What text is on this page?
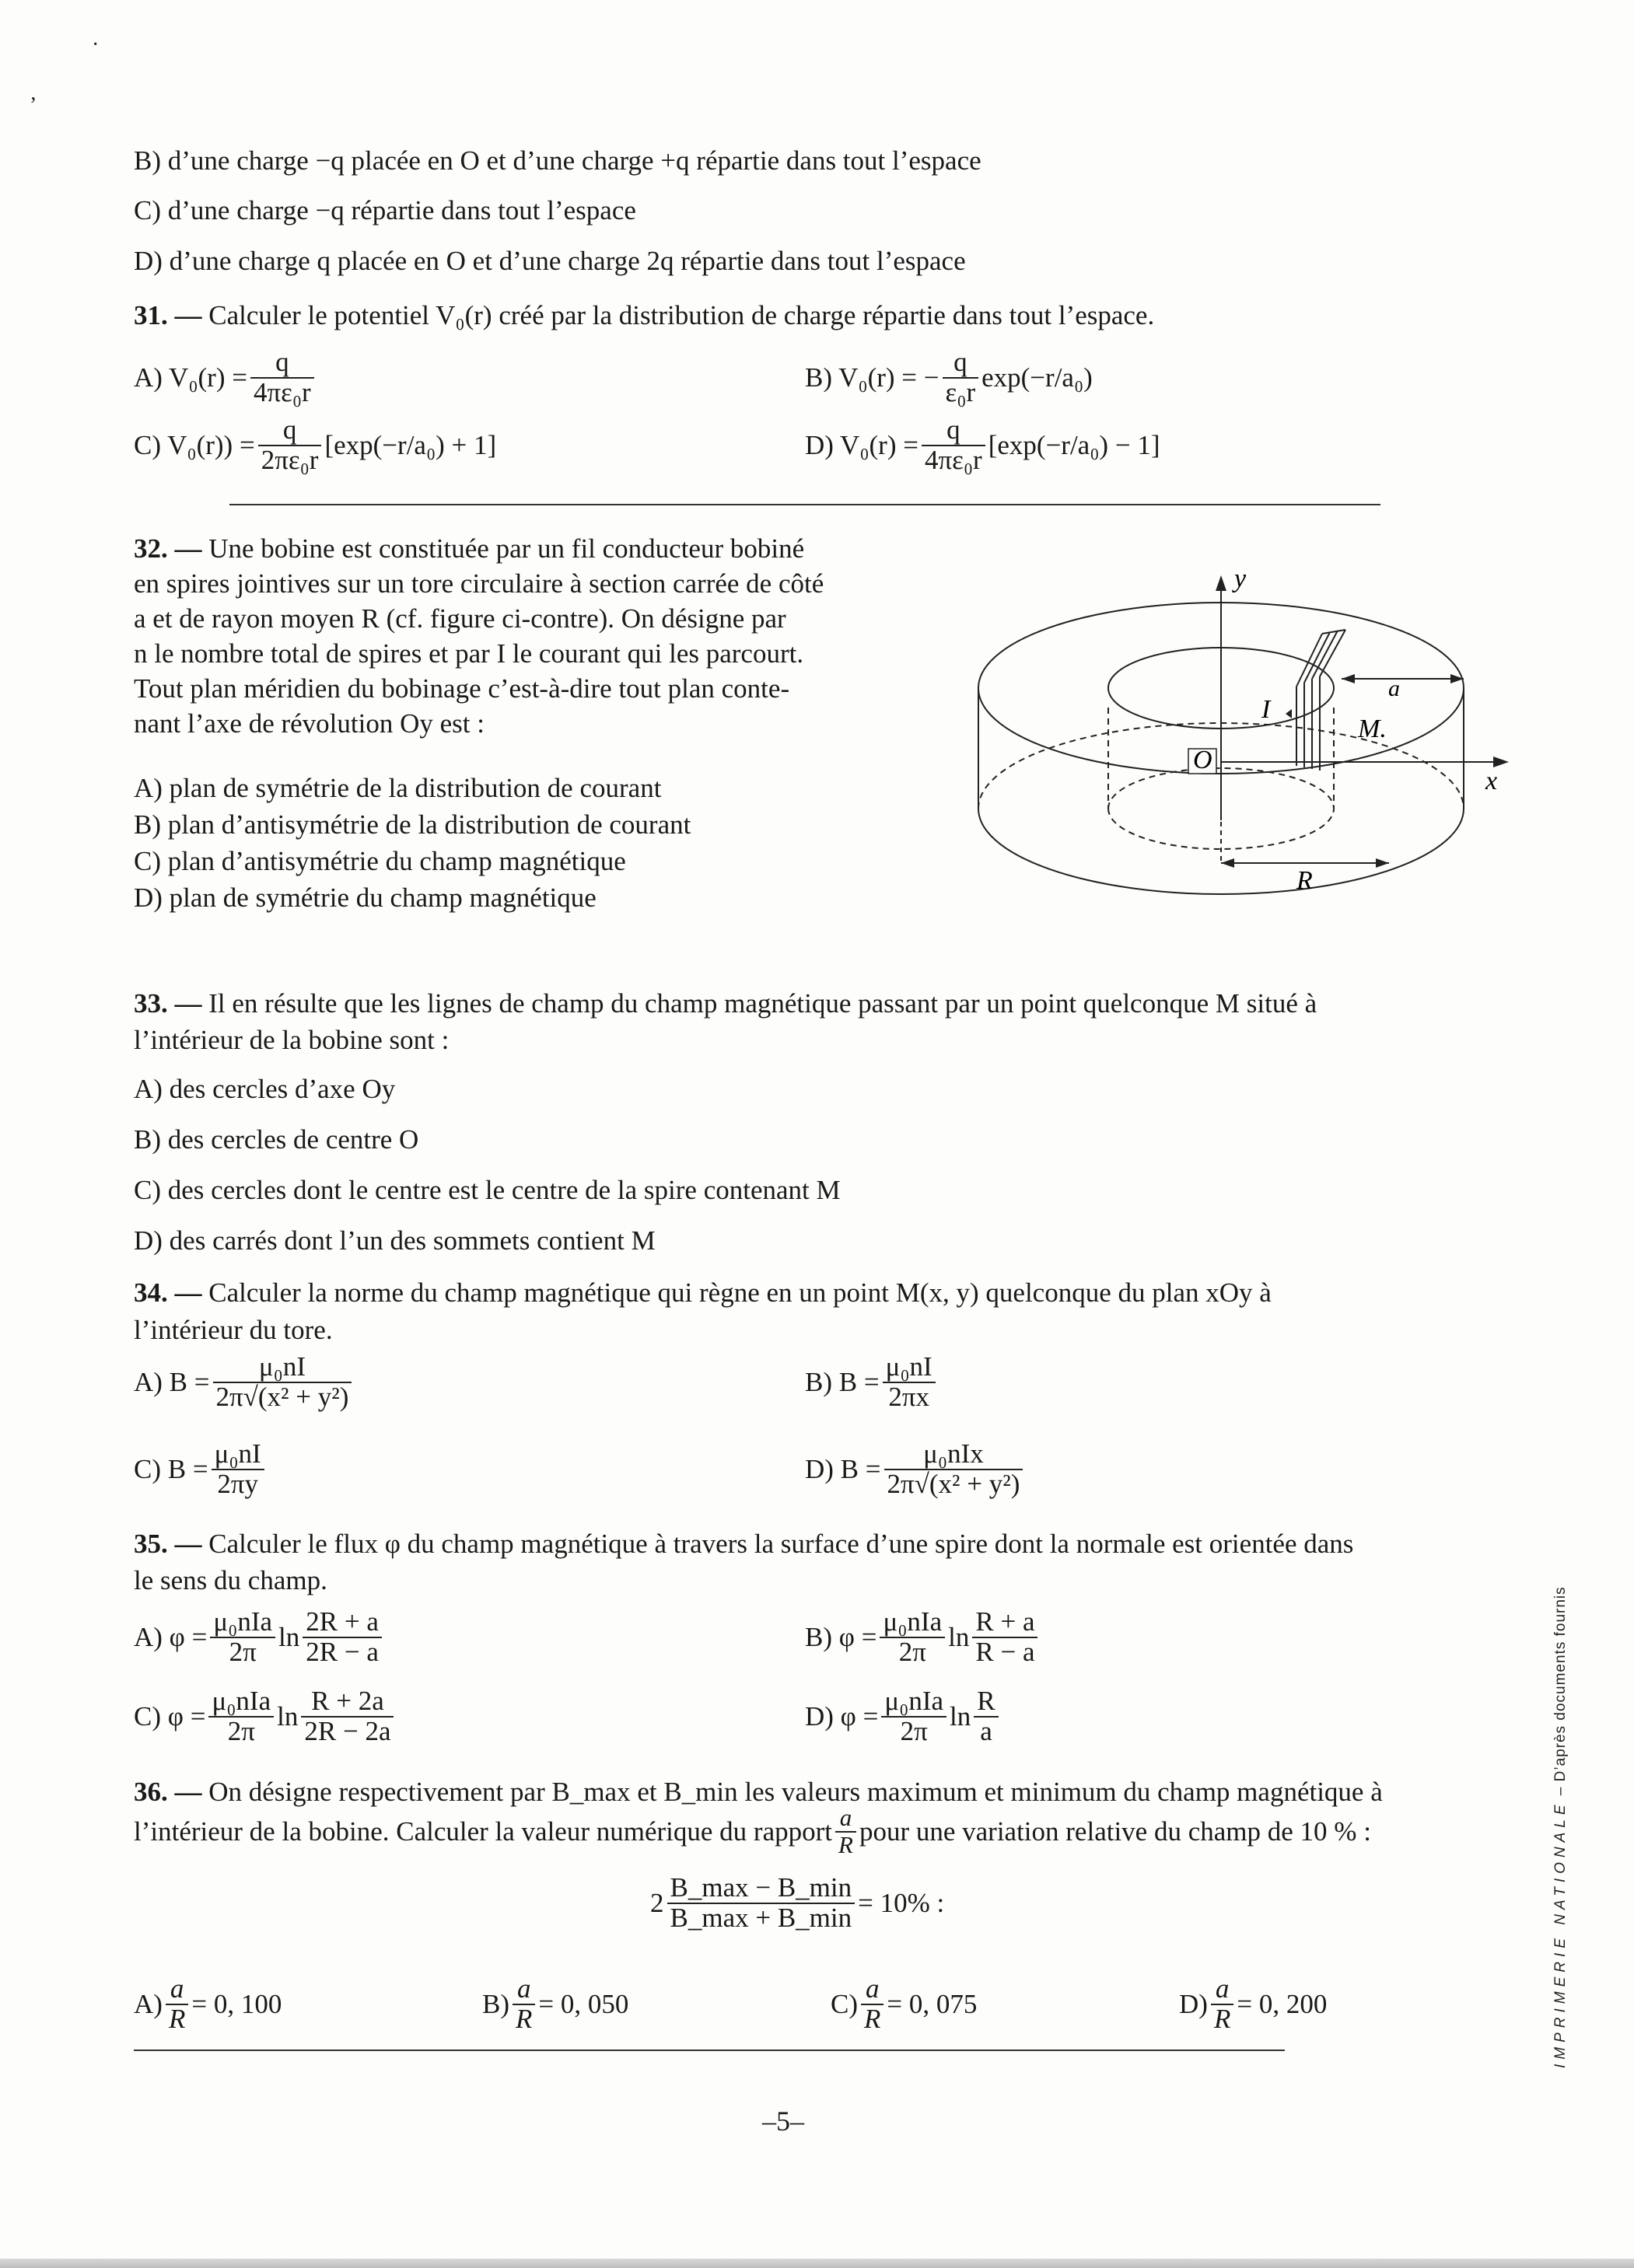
·
’
B) d’une charge −q placée en O et d’une charge +q répartie dans tout l’espace
C) d’une charge −q répartie dans tout l’espace
D) d’une charge q placée en O et d’une charge 2q répartie dans tout l’espace
31. — Calculer le potentiel V₀(r) créé par la distribution de charge répartie dans tout l’espace.
A) $V_0(r) = \frac{q}{\text{4πε₀r}}$	B) V₀(r) = − $\frac{q}{\text{ε₀r}} \exp(-r/a_0)$
C) $V_0(r)) = \frac{q}{\text{2πε₀r}} [\exp(-r/a_0) + 1]$	D) $V_0(r) = \frac{q}{\text{4πε₀r}} [\exp(-r/a_0) - 1]$
32. — Une bobine est constituée par un fil conducteur bobiné
en spires jointives sur un tore circulaire à section carrée de côté
a et de rayon moyen R (cf. figure ci-contre). On désigne par
n le nombre total de spires et par I le courant qui les parcourt.
Tout plan méridien du bobinage c’est-à-dire tout plan conte-
nant l’axe de révolution Oy est :
A) plan de symétrie de la distribution de courant
B) plan d’antisymétrie de la distribution de courant
C) plan d’antisymétrie du champ magnétique
D) plan de symétrie du champ magnétique
y
x
O
I
a
M.
R
33. — Il en résulte que les lignes de champ du champ magnétique passant par un point quelconque M situé à
l’intérieur de la bobine sont :
A) des cercles d’axe Oy
B) des cercles de centre O
C) des cercles dont le centre est le centre de la spire contenant M
D) des carrés dont l’un des sommets contient M
34. — Calculer la norme du champ magnétique qui règne en un point M(x, y) quelconque du plan xOy à
l’intérieur du tore.
A) $B = \frac{\text{μ₀nI}}{\text{2π√(x² + y²)}}$	B) $B = \frac{\text{μ₀nI}}{2\pi x}$
C) $B = \frac{\text{μ₀nI}}{2\pi y}$	D) $B = \frac{\text{μ₀nIx}}{\text{2π√(x² + y²)}}$
35. — Calculer le flux φ du champ magnétique à travers la surface d’une spire dont la normale est orientée dans
le sens du champ.
A) $\varphi = \frac{\text{μ₀nIa}}{2\pi}$ $\ln \frac{2R + a}{2R - a}$	B) $\varphi = \frac{\text{μ₀nIa}}{2\pi}$ $\ln \frac{R + a}{R - a}$
C) $\varphi = \frac{\text{μ₀nIa}}{2\pi}$ $\ln \frac{R + 2a}{2R - 2a}$	D) $\varphi = \frac{\text{μ₀nIa}}{2\pi}$ $\ln \frac{R}{a}$
36. — On désigne respectivement par B_max et B_min les valeurs maximum et minimum du champ magnétique à
l’intérieur de la bobine. Calculer la valeur numérique du rapport $\frac{a}{R}$ pour une variation relative du champ de 10 % :
$2 \frac{B\_\max - B\_\min}{B\_\max + B\_\min} = 10\%$ :
$A) \frac{a}{R} = 0$, 100	$B) \frac{a}{R} = 0$, 050	$C) \frac{a}{R} = 0$, 075	$D) \frac{a}{R} = 0$, 200
–5–
IMPRIMERIE NATIONALE – D’après documents fournis
